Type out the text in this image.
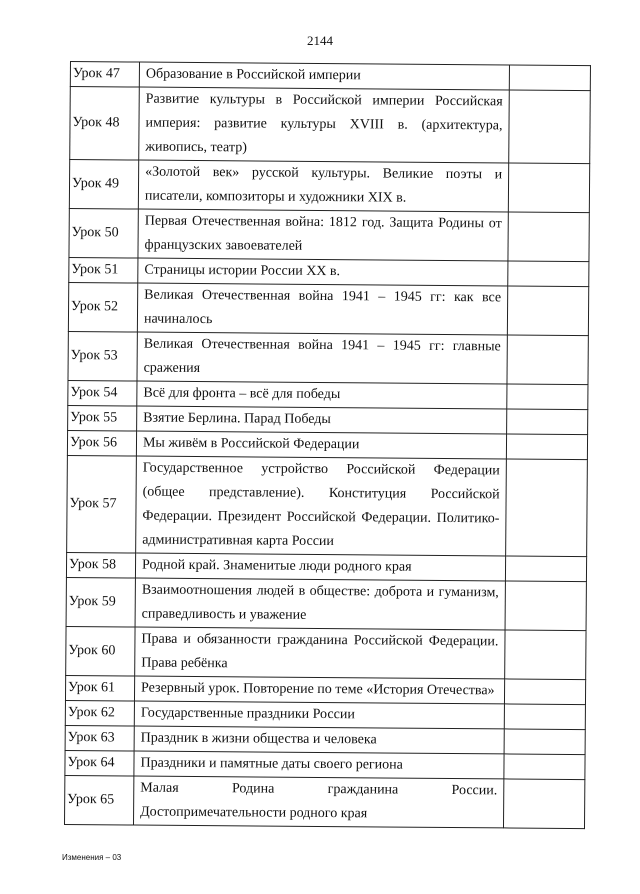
2144
Урок 47	Образование в Российской империи	
Урок 48	Развитие культуры в Российской империи Российская империя: развитие культуры XVIII в. (архитектура, живопись, театр)	
Урок 49	«Золотой век» русской культуры. Великие поэты и писатели, композиторы и художники XIX в.	
Урок 50	Первая Отечественная война: 1812 год. Защита Родины от французских завоевателей	
Урок 51	Страницы истории России XX в.	
Урок 52	Великая Отечественная война 1941 – 1945 гг: как все начиналось	
Урок 53	Великая Отечественная война 1941 – 1945 гг: главные сражения	
Урок 54	Всё для фронта – всё для победы	
Урок 55	Взятие Берлина. Парад Победы	
Урок 56	Мы живём в Российской Федерации	
Урок 57	Государственное устройство Российской Федерации (общее представление). Конституция Российской Федерации. Президент Российской Федерации. Политико-административная карта России	
Урок 58	Родной край. Знаменитые люди родного края	
Урок 59	Взаимоотношения людей в обществе: доброта и гуманизм, справедливость и уважение	
Урок 60	Права и обязанности гражданина Российской Федерации. Права ребёнка	
Урок 61	Резервный урок. Повторение по теме «История Отечества»	
Урок 62	Государственные праздники России	
Урок 63	Праздник в жизни общества и человека	
Урок 64	Праздники и памятные даты своего региона	
Урок 65	Малая Родина гражданина России. Достопримечательности родного края	
Изменения – 03
